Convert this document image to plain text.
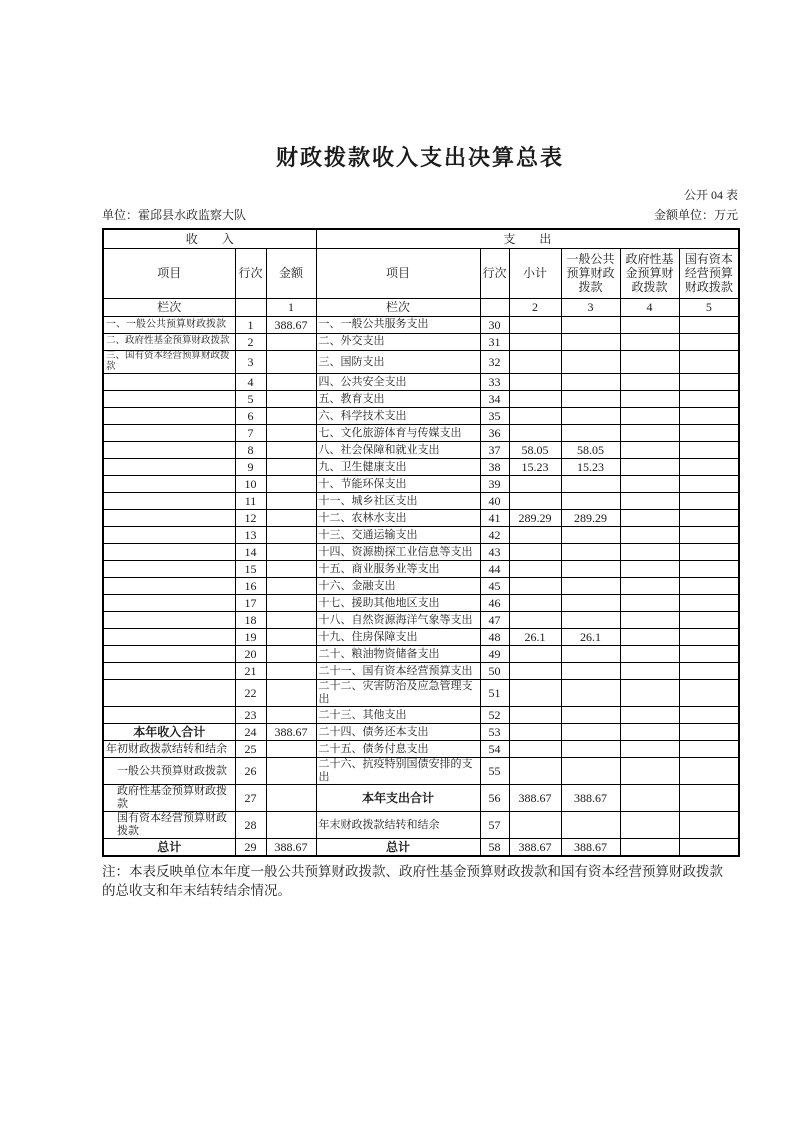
财政拨款收入支出决算总表
公开 04 表
单位：霍邱县水政监察大队	金额单位：万元
收　　入			支　　出					
项目	行次	金额	项目	行次	小计	一般公共预算财政拨款	政府性基金预算财政拨款	国有资本经营预算财政拨款
栏次		1	栏次		2	3	4	5
一、一般公共预算财政拨款	1	388.67	一、一般公共服务支出	30				
二、政府性基金预算财政拨款	2		二、外交支出	31				
三、国有资本经营预算财政拨款	3		三、国防支出	32				
	4		四、公共安全支出	33				
	5		五、教育支出	34				
	6		六、科学技术支出	35				
	7		七、文化旅游体育与传媒支出	36				
	8		八、社会保障和就业支出	37	58.05	58.05		
	9		九、卫生健康支出	38	15.23	15.23		
	10		十、节能环保支出	39				
	11		十一、城乡社区支出	40				
	12		十二、农林水支出	41	289.29	289.29		
	13		十三、交通运输支出	42				
	14		十四、资源勘探工业信息等支出	43				
	15		十五、商业服务业等支出	44				
	16		十六、金融支出	45				
	17		十七、援助其他地区支出	46				
	18		十八、自然资源海洋气象等支出	47				
	19		十九、住房保障支出	48	26.1	26.1		
	20		二十、粮油物资储备支出	49				
	21		二十一、国有资本经营预算支出	50				
	22		二十二、灾害防治及应急管理支出	51				
	23		二十三、其他支出	52				
本年收入合计	24	388.67	二十四、债务还本支出	53				
年初财政拨款结转和结余	25		二十五、债务付息支出	54				
一般公共预算财政拨款	26		二十六、抗疫特别国债安排的支出	55				
政府性基金预算财政拨款	27		本年支出合计	56	388.67	388.67		
国有资本经营预算财政拨款	28		年末财政拨款结转和结余	57				
总计	29	388.67	总计	58	388.67	388.67		
注：本表反映单位本年度一般公共预算财政拨款、政府性基金预算财政拨款和国有资本经营预算财政拨款的总收支和年末结转结余情况。
